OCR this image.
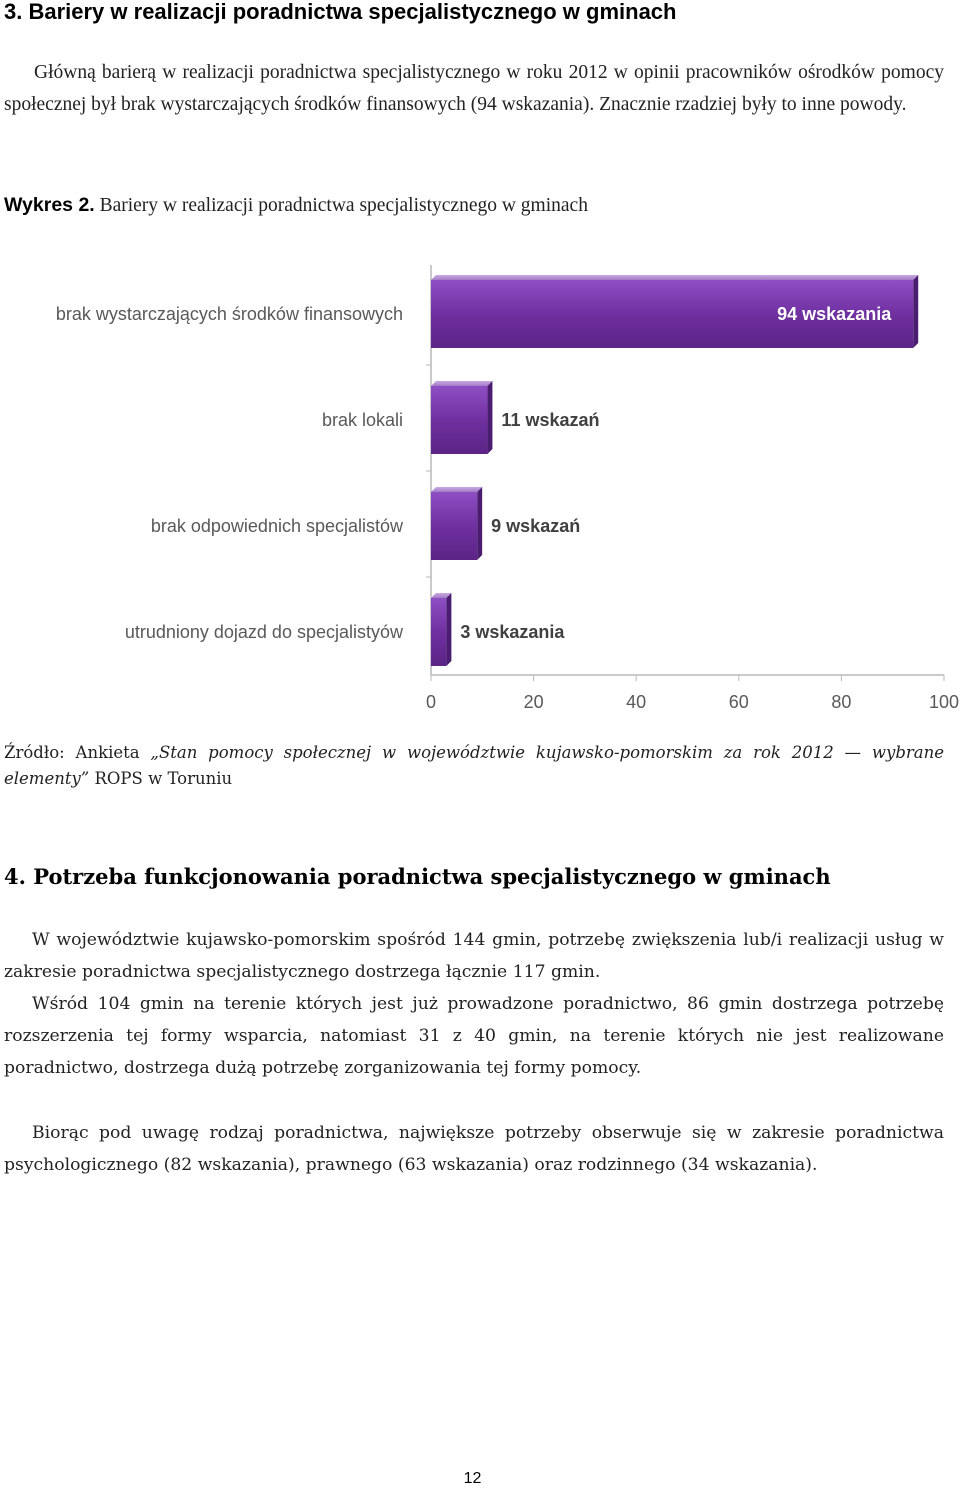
3. Bariery w realizacji poradnictwa specjalistycznego w gminach

Główną barierą w realizacji poradnictwa specjalistycznego w roku 2012 w opinii pracowników ośrodków pomocy społecznej był brak wystarczających środków finansowych (94 wskazania). Znacznie rzadziej były to inne powody.

Wykres 2. Bariery w realizacji poradnictwa specjalistycznego w gminach

brak wystarczających środków finansowych	94 wskazania
brak lokali	11 wskazań
brak odpowiednich specjalistów	9 wskazań
utrudniony dojazd do specjalistyów	3 wskazania
0	20	40	60	80	100

Źródło: Ankieta „Stan pomocy społecznej w województwie kujawsko-pomorskim za rok 2012 — wybrane elementy” ROPS w Toruniu

4. Potrzeba funkcjonowania poradnictwa specjalistycznego w gminach

W województwie kujawsko-pomorskim spośród 144 gmin, potrzebę zwiększenia lub/i realizacji usług w zakresie poradnictwa specjalistycznego dostrzega łącznie 117 gmin.

Wśród 104 gmin na terenie których jest już prowadzone poradnictwo, 86 gmin dostrzega potrzebę rozszerzenia tej formy wsparcia, natomiast 31 z 40 gmin, na terenie których nie jest realizowane poradnictwo, dostrzega dużą potrzebę zorganizowania tej formy pomocy.

Biorąc pod uwagę rodzaj poradnictwa, największe potrzeby obserwuje się w zakresie poradnictwa psychologicznego (82 wskazania), prawnego (63 wskazania) oraz rodzinnego (34 wskazania).

12
